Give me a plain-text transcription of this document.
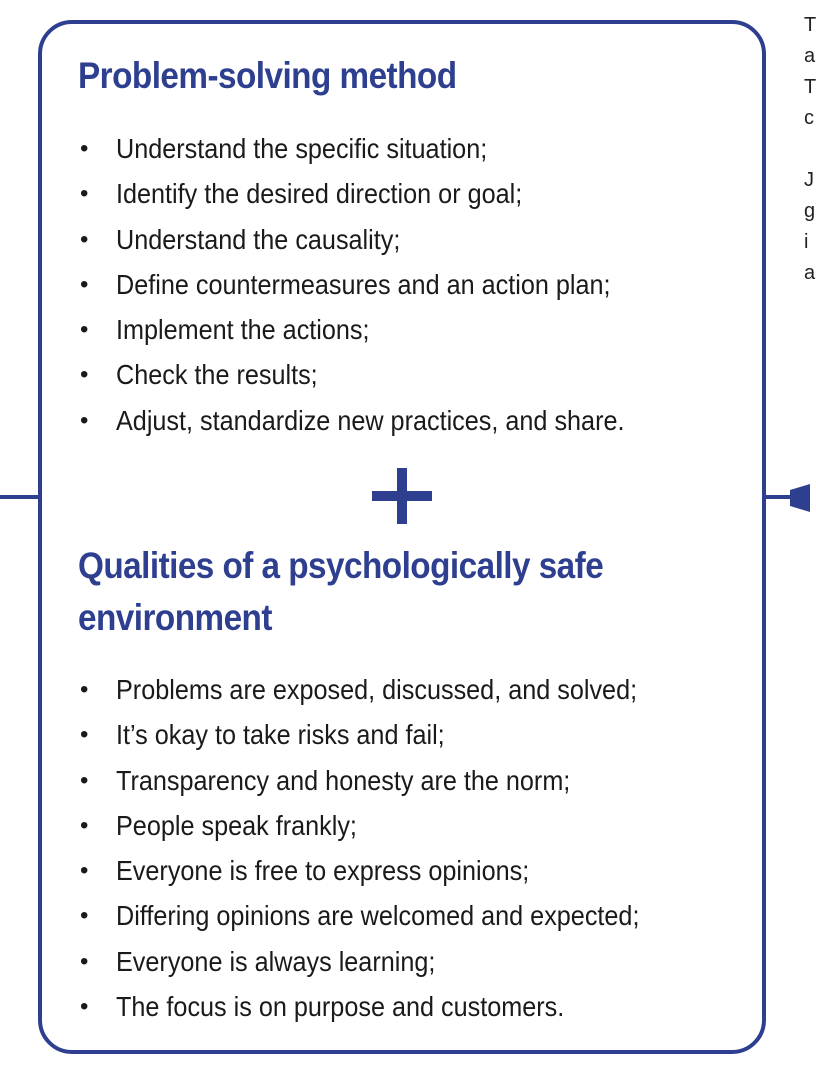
Problem-solving method
• Understand the specific situation;
• Identify the desired direction or goal;
• Understand the causality;
• Define countermeasures and an action plan;
• Implement the actions;
• Check the results;
• Adjust, standardize new practices, and share.
Qualities of a psychologically safe environment
• Problems are exposed, discussed, and solved;
• It’s okay to take risks and fail;
• Transparency and honesty are the norm;
• People speak frankly;
• Everyone is free to express opinions;
• Differing opinions are welcomed and expected;
• Everyone is always learning;
• The focus is on purpose and customers.
T
a
T
c
J
g
i
a
